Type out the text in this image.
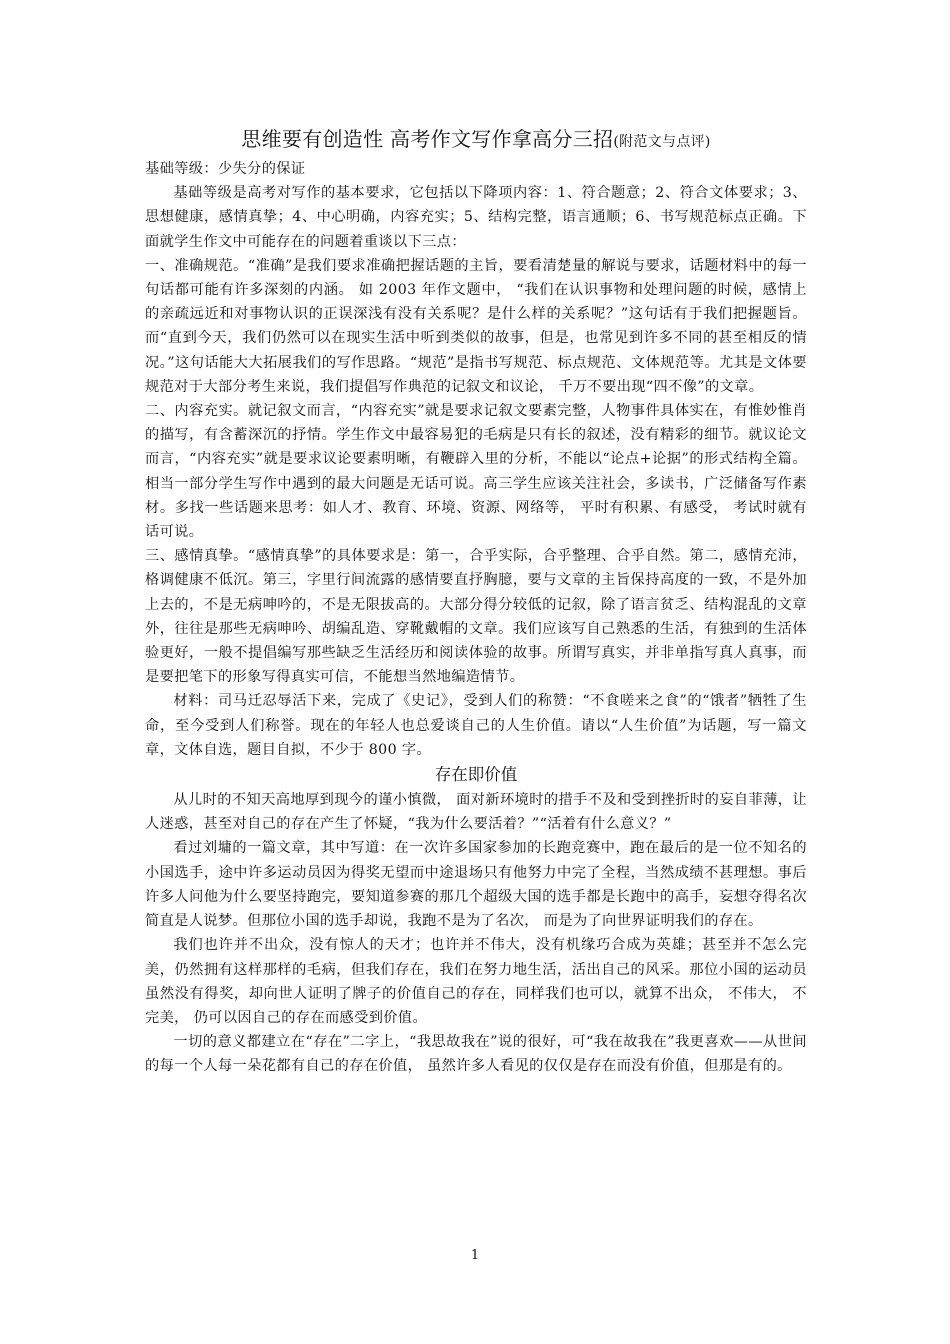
思维要有创造性 高考作文写作拿高分三招(附范文与点评)

基础等级：少失分的保证

基础等级是高考对写作的基本要求，它包括以下降项内容：1、符合题意；2、符合文体要求；3、思想健康，感情真挚；4、中心明确，内容充实；5、结构完整，语言通顺；6、书写规范标点正确。下面就学生作文中可能存在的问题着重谈以下三点：

一、准确规范。“准确”是我们要求准确把握话题的主旨，要看清楚量的解说与要求，话题材料中的每一句话都可能有许多深刻的内涵。 如 2003 年作文题中， “我们在认识事物和处理问题的时候，感情上的亲疏远近和对事物认识的正误深浅有没有关系呢？是什么样的关系呢？”这句话有于我们把握题旨。而“直到今天，我们仍然可以在现实生活中听到类似的故事，但是，也常见到许多不同的甚至相反的情况。”这句话能大大拓展我们的写作思路。“规范”是指书写规范、标点规范、文体规范等。尤其是文体要规范对于大部分考生来说，我们提倡写作典范的记叙文和议论， 千万不要出现“四不像”的文章。

二、内容充实。就记叙文而言，“内容充实”就是要求记叙文要素完整，人物事件具体实在，有惟妙惟肖的描写，有含蓄深沉的抒情。学生作文中最容易犯的毛病是只有长的叙述，没有精彩的细节。就议论文而言，“内容充实”就是要求议论要素明晰，有鞭辟入里的分析，不能以“论点+论据”的形式结构全篇。相当一部分学生写作中遇到的最大问题是无话可说。高三学生应该关注社会，多读书，广泛储备写作素材。多找一些话题来思考：如人才、教育、环境、资源、网络等， 平时有积累、有感受， 考试时就有话可说。

三、感情真挚。“感情真挚”的具体要求是：第一，合乎实际，合乎整理、合乎自然。第二，感情充沛，格调健康不低沉。第三，字里行间流露的感情要直抒胸臆，要与文章的主旨保持高度的一致，不是外加上去的，不是无病呻吟的，不是无限拔高的。大部分得分较低的记叙，除了语言贫乏、结构混乱的文章外，往往是那些无病呻吟、胡编乱造、穿靴戴帽的文章。我们应该写自己熟悉的生活，有独到的生活体验更好，一般不提倡编写那些缺乏生活经历和阅读体验的故事。所谓写真实，并非单指写真人真事，而是要把笔下的形象写得真实可信，不能想当然地编造情节。

材料：司马迁忍辱活下来，完成了《史记》，受到人们的称赞：“不食嗟来之食”的“饿者”牺牲了生命，至今受到人们称誉。现在的年轻人也总爱谈自己的人生价值。请以“人生价值”为话题，写一篇文章，文体自选，题目自拟，不少于 800 字。

存在即价值

从儿时的不知天高地厚到现今的谨小慎微， 面对新环境时的措手不及和受到挫折时的妄自菲薄，让人迷惑，甚至对自己的存在产生了怀疑，“我为什么要活着？”“活着有什么意义？”

看过刘墉的一篇文章，其中写道：在一次许多国家参加的长跑竞赛中，跑在最后的是一位不知名的小国选手，途中许多运动员因为得奖无望而中途退场只有他努力中完了全程，当然成绩不甚理想。事后许多人问他为什么要坚持跑完，要知道参赛的那几个超级大国的选手都是长跑中的高手，妄想夺得名次简直是人说梦。但那位小国的选手却说，我跑不是为了名次， 而是为了向世界证明我们的存在。

我们也许并不出众，没有惊人的天才；也许并不伟大，没有机缘巧合成为英雄；甚至并不怎么完美，仍然拥有这样那样的毛病，但我们存在，我们在努力地生活，活出自己的风采。那位小国的运动员虽然没有得奖，却向世人证明了牌子的价值自己的存在，同样我们也可以，就算不出众， 不伟大， 不完美， 仍可以因自己的存在而感受到价值。

一切的意义都建立在“存在”二字上，“我思故我在”说的很好，可“我在故我在”我更喜欢——从世间的每一个人每一朵花都有自己的存在价值， 虽然许多人看见的仅仅是存在而没有价值，但那是有的。

1
